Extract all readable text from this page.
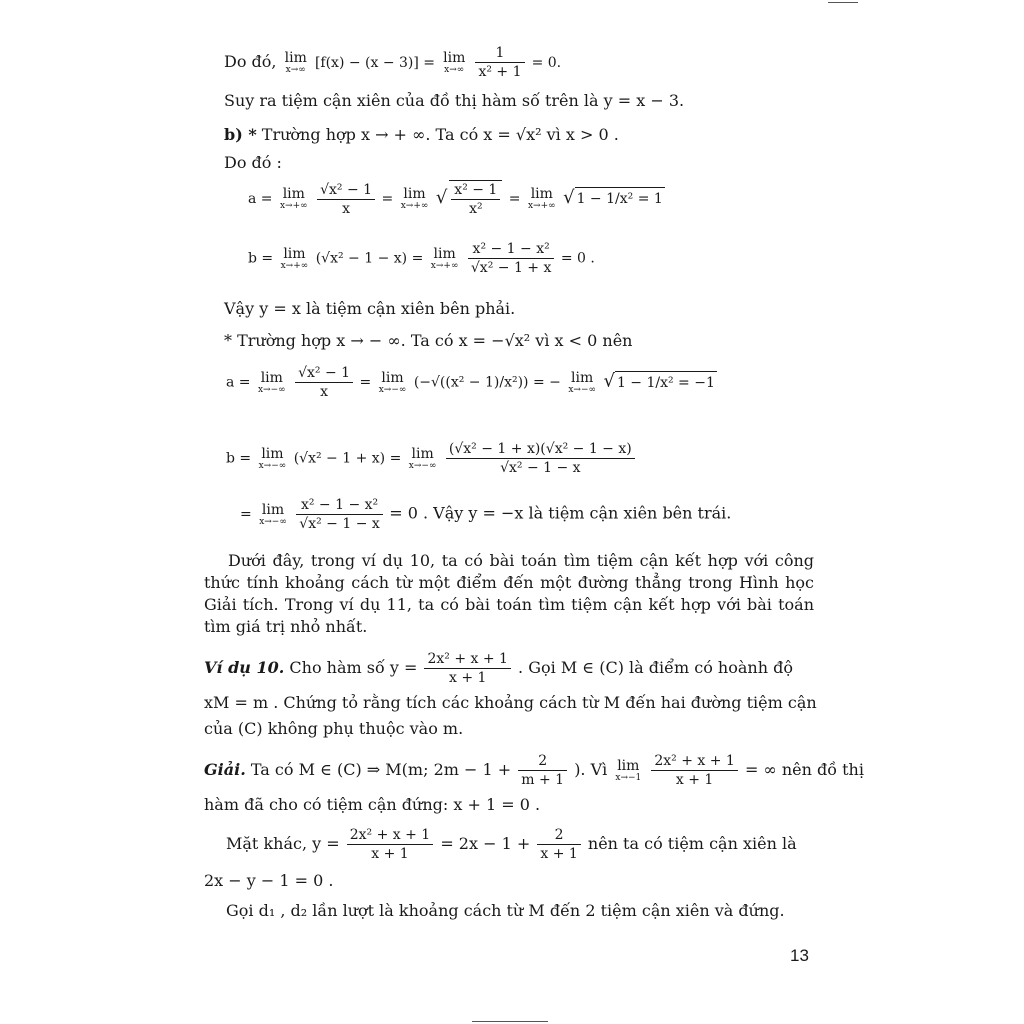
Do đó, lim
x→∞ [f(x) − (x − 3)] = lim
x→∞
$\frac{1}{\text{x² + 1}} = 0$.
Suy ra tiệm cận xiên của đồ thị hàm số trên là y = x − 3.
b) * Trường hợp x → + ∞. Ta có x = √x² vì x > 0 .
Do đó :
a = lim
x→+∞
$\frac{\text{√x² − 1}}{x} = \lim$
x→+∞ √ $\frac{\text{x² − 1}}{\text{x²}} = \lim$
x→+∞ √ 1 − 1/x² = 1
b = lim
x→+∞ (√x² − 1 − x) = lim
x→+∞
$\frac{\text{x² − 1 − x²}}{\text{√x² − 1 + x}} = 0$ .
Vậy y = x là tiệm cận xiên bên phải.
* Trường hợp x → − ∞. Ta có x = −√x² vì x < 0 nên
a = lim
x→−∞
$\frac{\text{√x² − 1}}{x} = \lim$
x→−∞ (−√((x² − 1)/x²)) = − lim
x→−∞ √ 1 − 1/x² = −1
b = lim
x→−∞ (√x² − 1 + x) = lim
x→−∞
$\frac{\text{(√x² − 1 + x)(√x² − 1 − x)}}{\text{√x² − 1 − x}}$
= lim
x→−∞
$\frac{\text{x² − 1 − x²}}{\text{√x² − 1 − x}} = 0$ . Vậy y = −x là tiệm cận xiên bên trái.
Dưới đây, trong ví dụ 10, ta có bài toán tìm tiệm cận kết hợp với công thức tính khoảng cách từ một điểm đến một đường thẳng trong Hình học Giải tích. Trong ví dụ 11, ta có bài toán tìm tiệm cận kết hợp với bài toán tìm giá trị nhỏ nhất.
Ví dụ 10. Cho hàm số $y = \frac{\text{2x² + x + 1}}{x + 1}$ . Gọi M ∈ (C) là điểm có hoành độ
xM = m . Chứng tỏ rằng tích các khoảng cách từ M đến hai đường tiệm cận
của (C) không phụ thuộc vào m.
Giải. Ta có M ∈ (C) ⇒ M(m; $2m - 1 + \frac{2}{m + 1}$ ). Vì lim
x→−1
$\frac{\text{2x² + x + 1}}{x + 1}$ = ∞ nên đồ thị
hàm đã cho có tiệm cận đứng: x + 1 = 0 .
Mặt khác, $y = \frac{\text{2x² + x + 1}}{x + 1} = 2x - 1 + \frac{2}{x + 1}$ nên ta có tiệm cận xiên là
2x − y − 1 = 0 .
Gọi d₁ , d₂ lần lượt là khoảng cách từ M đến 2 tiệm cận xiên và đứng.
13
